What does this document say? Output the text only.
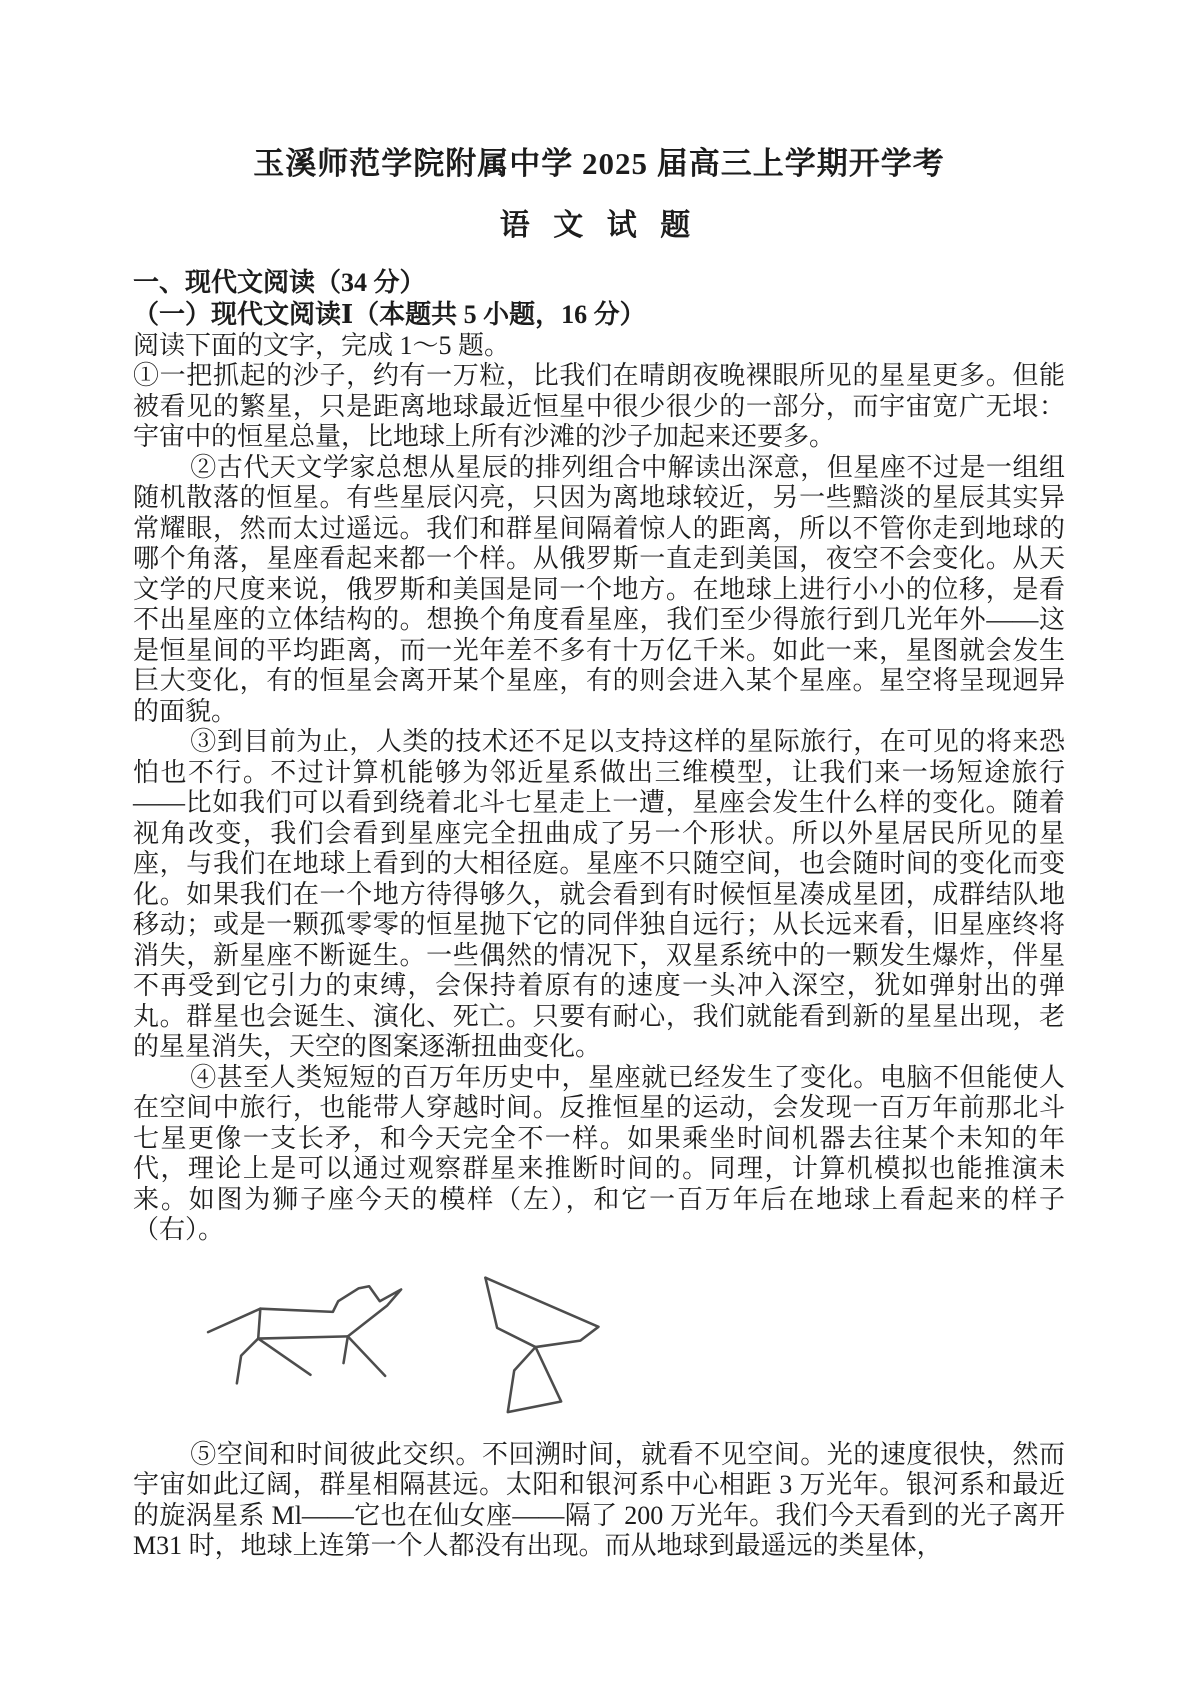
玉溪师范学院附属中学 2025 届高三上学期开学考
语 文 试 题
一、现代文阅读（34 分）
（一）现代文阅读Ⅰ（本题共 5 小题，16 分）

阅读下面的文字，完成 1～5 题。

①一把抓起的沙子，约有一万粒，比我们在晴朗夜晚裸眼所见的星星更多。但能被看见的繁星，只是距离地球最近恒星中很少很少的一部分，而宇宙宽广无垠：宇宙中的恒星总量，比地球上所有沙滩的沙子加起来还要多。

②古代天文学家总想从星辰的排列组合中解读出深意，但星座不过是一组组随机散落的恒星。有些星辰闪亮，只因为离地球较近，另一些黯淡的星辰其实异常耀眼，然而太过遥远。我们和群星间隔着惊人的距离，所以不管你走到地球的哪个角落，星座看起来都一个样。从俄罗斯一直走到美国，夜空不会变化。从天文学的尺度来说，俄罗斯和美国是同一个地方。在地球上进行小小的位移，是看不出星座的立体结构的。想换个角度看星座，我们至少得旅行到几光年外——这是恒星间的平均距离，而一光年差不多有十万亿千米。如此一来，星图就会发生巨大变化，有的恒星会离开某个星座，有的则会进入某个星座。星空将呈现迥异的面貌。

③到目前为止，人类的技术还不足以支持这样的星际旅行，在可见的将来恐怕也不行。不过计算机能够为邻近星系做出三维模型，让我们来一场短途旅行——比如我们可以看到绕着北斗七星走上一遭，星座会发生什么样的变化。随着视角改变，我们会看到星座完全扭曲成了另一个形状。所以外星居民所见的星座，与我们在地球上看到的大相径庭。星座不只随空间，也会随时间的变化而变化。如果我们在一个地方待得够久，就会看到有时候恒星凑成星团，成群结队地移动；或是一颗孤零零的恒星抛下它的同伴独自远行；从长远来看，旧星座终将消失，新星座不断诞生。一些偶然的情况下，双星系统中的一颗发生爆炸，伴星不再受到它引力的束缚，会保持着原有的速度一头冲入深空，犹如弹射出的弹丸。群星也会诞生、演化、死亡。只要有耐心，我们就能看到新的星星出现，老的星星消失，天空的图案逐渐扭曲变化。

④甚至人类短短的百万年历史中，星座就已经发生了变化。电脑不但能使人在空间中旅行，也能带人穿越时间。反推恒星的运动，会发现一百万年前那北斗七星更像一支长矛，和今天完全不一样。如果乘坐时间机器去往某个未知的年代，理论上是可以通过观察群星来推断时间的。同理，计算机模拟也能推演未来。如图为狮子座今天的模样（左），和它一百万年后在地球上看起来的样子（右）。

⑤空间和时间彼此交织。不回溯时间，就看不见空间。光的速度很快，然而宇宙如此辽阔，群星相隔甚远。太阳和银河系中心相距 3 万光年。银河系和最近的旋涡星系 Ml——它也在仙女座——隔了 200 万光年。我们今天看到的光子离开 M31 时，地球上连第一个人都没有出现。而从地球到最遥远的类星体，
